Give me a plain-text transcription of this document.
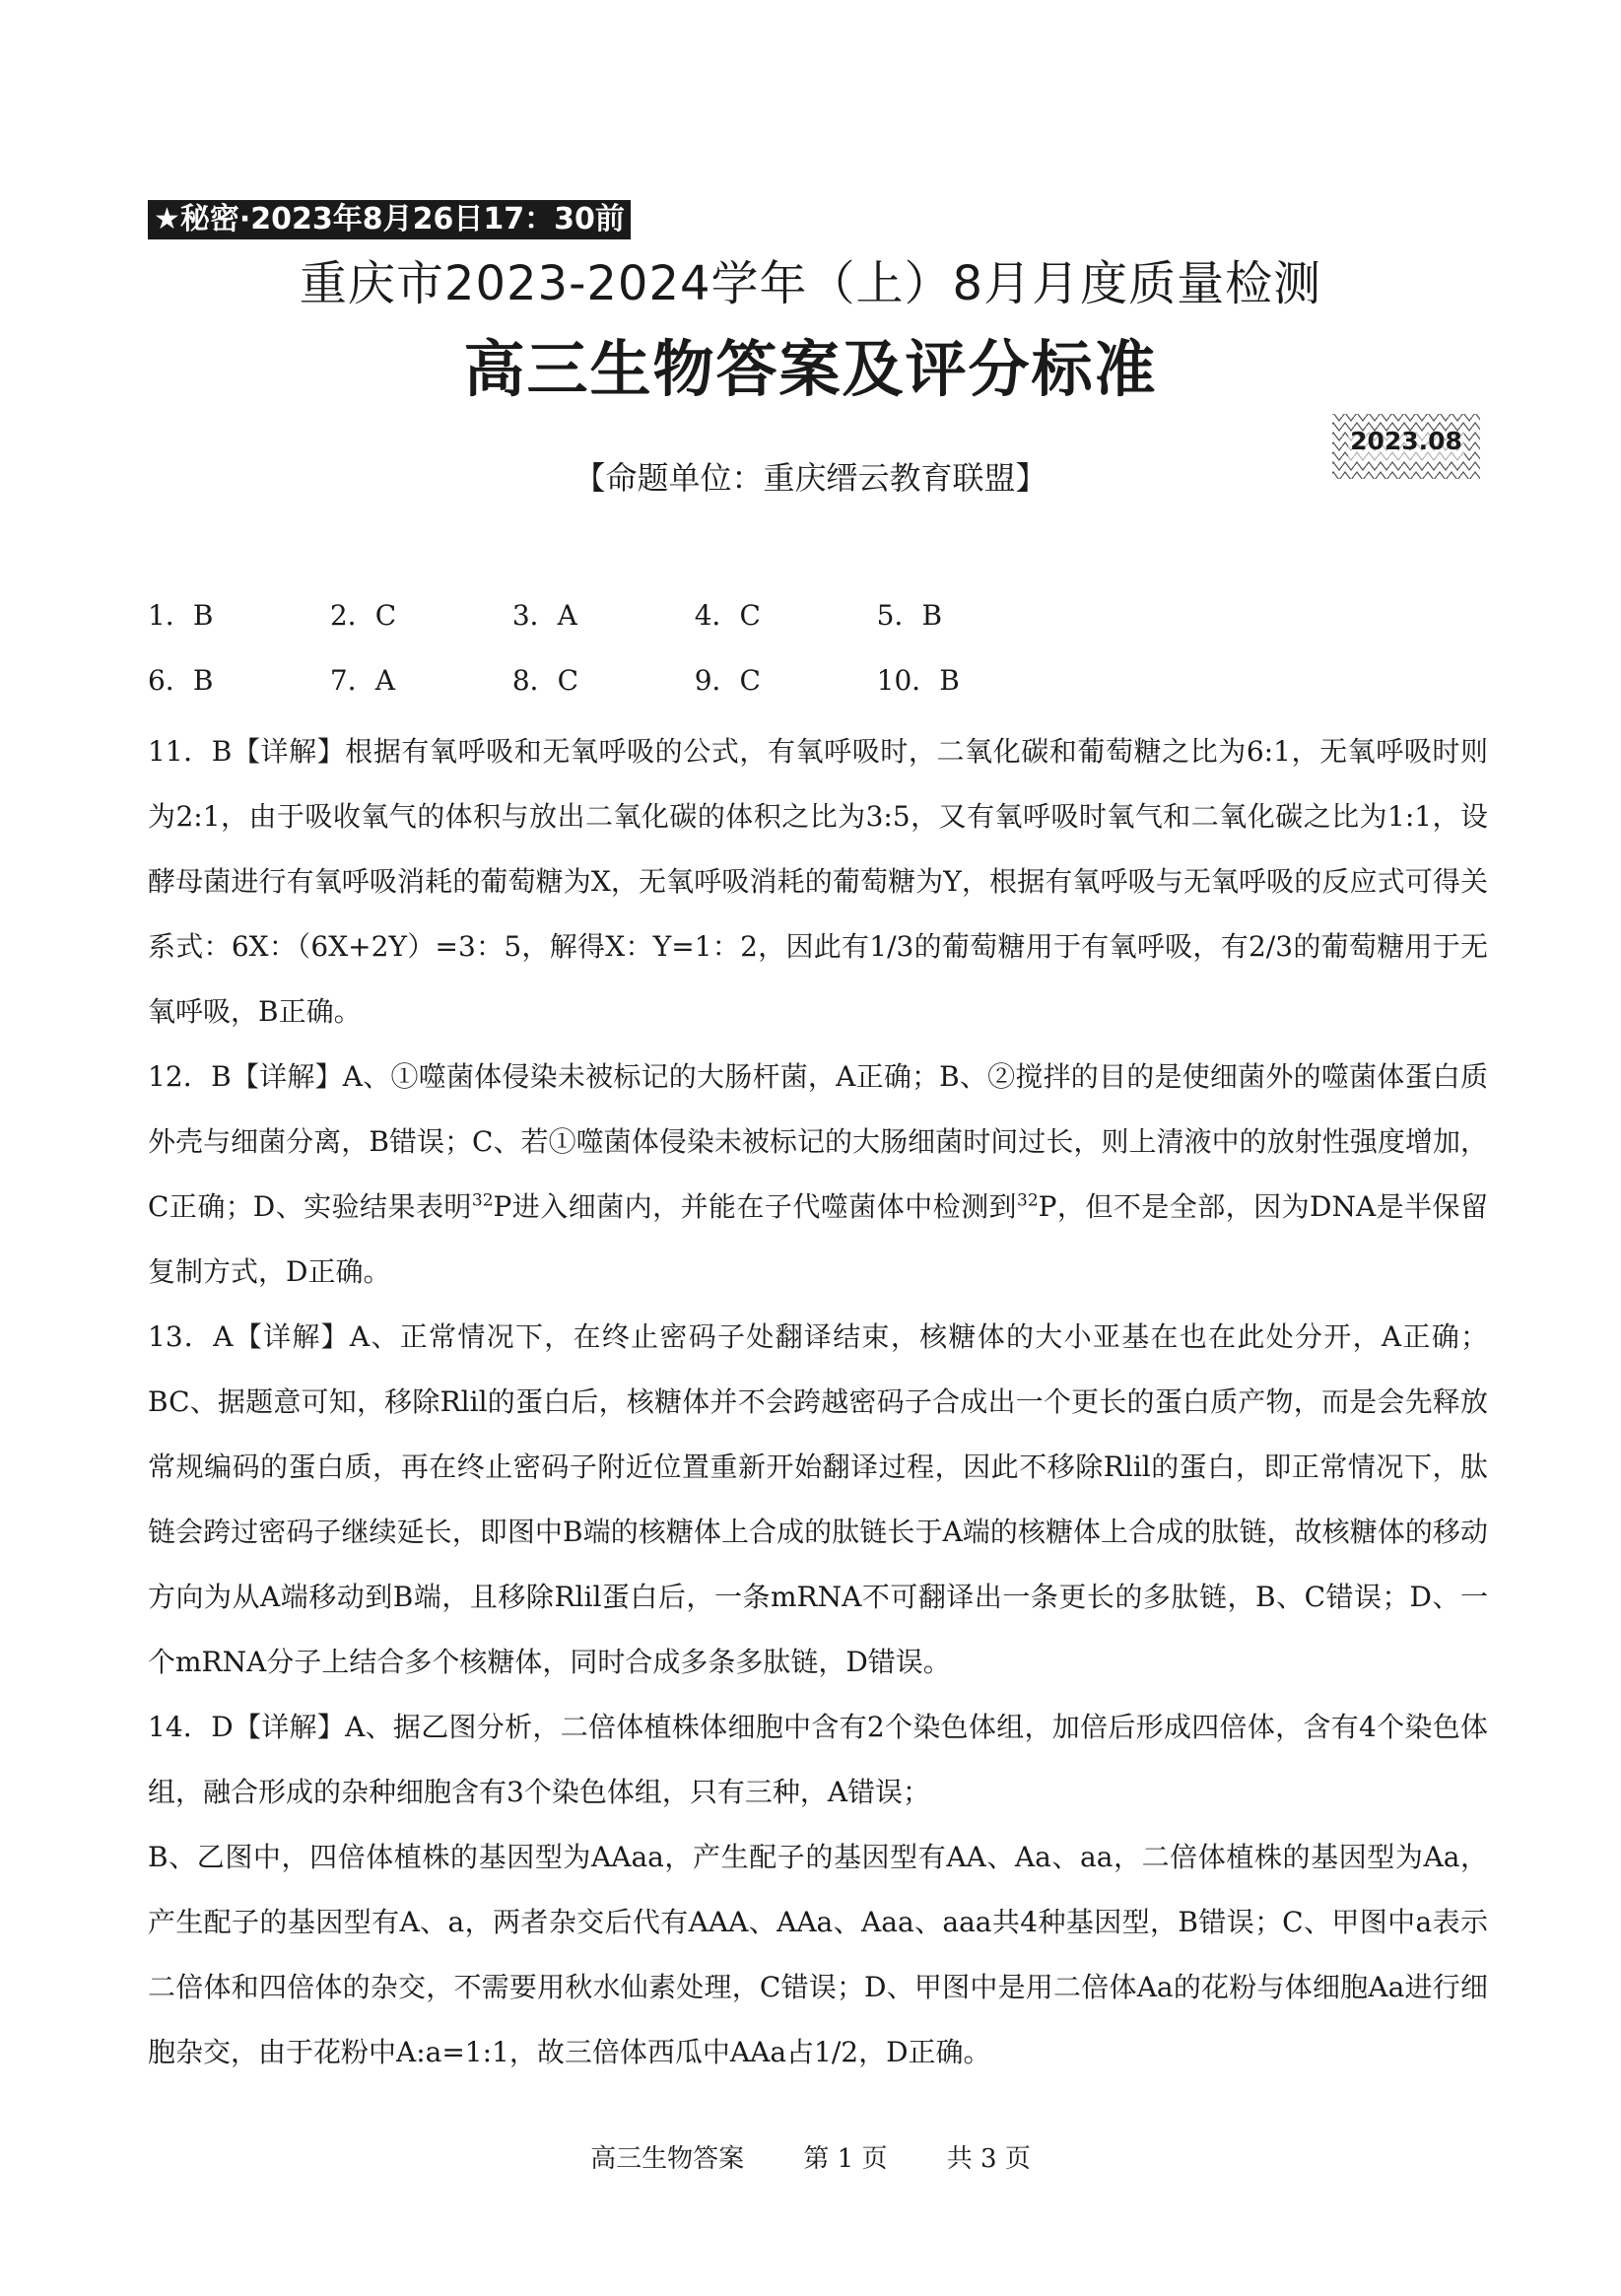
★秘密·2023年8月26日17：30前
重庆市2023-2024学年（上）8月月度质量检测
高三生物答案及评分标准
2023.08
【命题单位：重庆缙云教育联盟】
1．B	2．C	3．A	4．C	5．B
6．B	7．A	8．C	9．C	10．B

11．B【详解】根据有氧呼吸和无氧呼吸的公式，有氧呼吸时，二氧化碳和葡萄糖之比为6:1，无氧呼吸时则为2:1，由于吸收氧气的体积与放出二氧化碳的体积之比为3:5，又有氧呼吸时氧气和二氧化碳之比为1:1，设酵母菌进行有氧呼吸消耗的葡萄糖为X，无氧呼吸消耗的葡萄糖为Y，根据有氧呼吸与无氧呼吸的反应式可得关系式：6X：（6X+2Y）=3：5，解得X：Y=1：2，因此有1/3的葡萄糖用于有氧呼吸，有2/3的葡萄糖用于无氧呼吸，B正确。

12．B【详解】A、①噬菌体侵染未被标记的大肠杆菌，A正确；B、②搅拌的目的是使细菌外的噬菌体蛋白质外壳与细菌分离，B错误；C、若①噬菌体侵染未被标记的大肠细菌时间过长，则上清液中的放射性强度增加，C正确；D、实验结果表明$^{32}$P进入细菌内，并能在子代噬菌体中检测到$^{32}$P，但不是全部，因为DNA是半保留复制方式，D正确。

13．A【详解】A、正常情况下，在终止密码子处翻译结束，核糖体的大小亚基在也在此处分开，A正确；BC、据题意可知，移除Rlil的蛋白后，核糖体并不会跨越密码子合成出一个更长的蛋白质产物，而是会先释放常规编码的蛋白质，再在终止密码子附近位置重新开始翻译过程，因此不移除Rlil的蛋白，即正常情况下，肽链会跨过密码子继续延长，即图中B端的核糖体上合成的肽链长于A端的核糖体上合成的肽链，故核糖体的移动方向为从A端移动到B端，且移除Rlil蛋白后，一条mRNA不可翻译出一条更长的多肽链，B、C错误；D、一个mRNA分子上结合多个核糖体，同时合成多条多肽链，D错误。

14．D【详解】A、据乙图分析，二倍体植株体细胞中含有2个染色体组，加倍后形成四倍体，含有4个染色体组，融合形成的杂种细胞含有3个染色体组，只有三种，A错误；

B、乙图中，四倍体植株的基因型为AAaa，产生配子的基因型有AA、Aa、aa，二倍体植株的基因型为Aa，产生配子的基因型有A、a，两者杂交后代有AAA、AAa、Aaa、aaa共4种基因型，B错误；C、甲图中a表示二倍体和四倍体的杂交，不需要用秋水仙素处理，C错误；D、甲图中是用二倍体Aa的花粉与体细胞Aa进行细胞杂交，由于花粉中A:a=1:1，故三倍体西瓜中AAa占1/2，D正确。

高三生物答案 第 1 页 共 3 页
